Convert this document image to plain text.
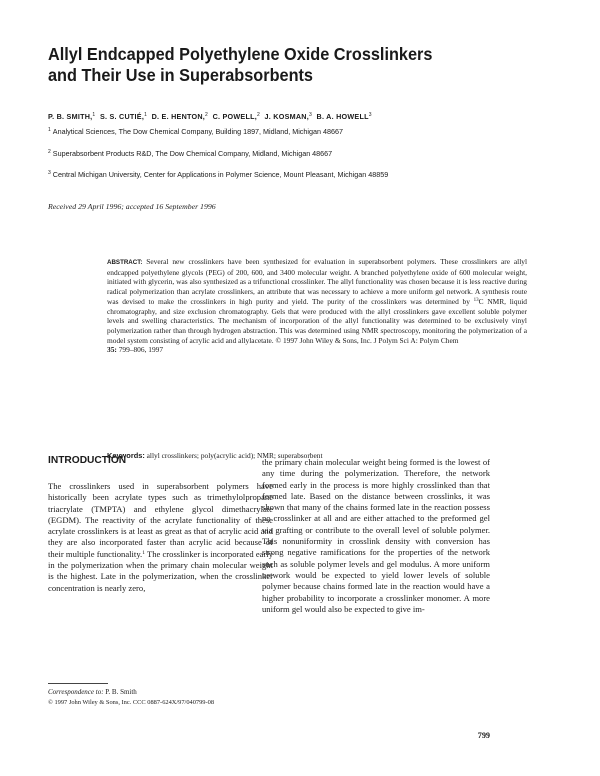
Allyl Endcapped Polyethylene Oxide Crosslinkers
and Their Use in Superabsorbents
P. B. SMITH,$^1$ S. S. CUTIÉ,$^1$ D. E. HENTON,$^2$ C. POWELL,$^2$ J. KOSMAN,$^3$ B. A. HOWELL$^3$
$^1$ Analytical Sciences, The Dow Chemical Company, Building 1897, Midland, Michigan 48667
$^2$ Superabsorbent Products R&D, The Dow Chemical Company, Midland, Michigan 48667
$^3$ Central Michigan University, Center for Applications in Polymer Science, Mount Pleasant, Michigan 48859
Received 29 April 1996; accepted 16 September 1996
ABSTRACT: Several new crosslinkers have been synthesized for evaluation in superabsorbent polymers. These crosslinkers are allyl endcapped polyethylene glycols (PEG) of 200, 600, and 3400 molecular weight. A branched polyethylene oxide of 600 molecular weight, initiated with glycerin, was also synthesized as a trifunctional crosslinker. The allyl functionality was chosen because it is less reactive during radical polymerization than acrylate crosslinkers, an attribute that was necessary to achieve a more uniform gel network. A synthesis route was devised to make the crosslinkers in high purity and yield. The purity of the crosslinkers was determined by $^{13}$C NMR, liquid chromatography, and size exclusion chromatography. Gels that were produced with the allyl crosslinkers gave excellent soluble polymer levels and swelling characteristics. The mechanism of incorporation of the allyl functionality was determined to be exclusively vinyl polymerization rather than through hydrogen abstraction. This was determined using NMR spectroscopy, monitoring the polymerization of a model system consisting of acrylic acid and allylacetate. © 1997 John Wiley & Sons, Inc. J Polym Sci A: Polym Chem
35: 799–806, 1997
Keywords: allyl crosslinkers; poly(acrylic acid); NMR; superabsorbent
INTRODUCTION
The crosslinkers used in superabsorbent polymers have historically been acrylate types such as trimethylolpropane triacrylate (TMPTA) and ethylene glycol dimethacrylate (EGDM). The reactivity of the acrylate functionality of these acrylate crosslinkers is at least as great as that of acrylic acid and they are also incorporated faster than acrylic acid because of their multiple functionality.$^1$ The crosslinker is incorporated early in the polymerization when the primary chain molecular weight is the highest. Late in the polymerization, when the crosslinker concentration is nearly zero,
the primary chain molecular weight being formed is the lowest of any time during the polymerization. Therefore, the network formed early in the process is more highly crosslinked than that formed late. Based on the distance between crosslinks, it was shown that many of the chains formed late in the reaction possess no crosslinker at all and are either attached to the preformed gel via grafting or contribute to the overall level of soluble polymer. This nonuniformity in crosslink density with conversion has strong negative ramifications for the properties of the network such as soluble polymer levels and gel modulus. A more uniform network would be expected to yield lower levels of soluble polymer because chains formed late in the reaction would have a higher probability to incorporate a crosslinker monomer. A more uniform gel would also be expected to give im-
Correspondence to: P. B. Smith
© 1997 John Wiley & Sons, Inc. CCC 0887-624X/97/040799-08
799
